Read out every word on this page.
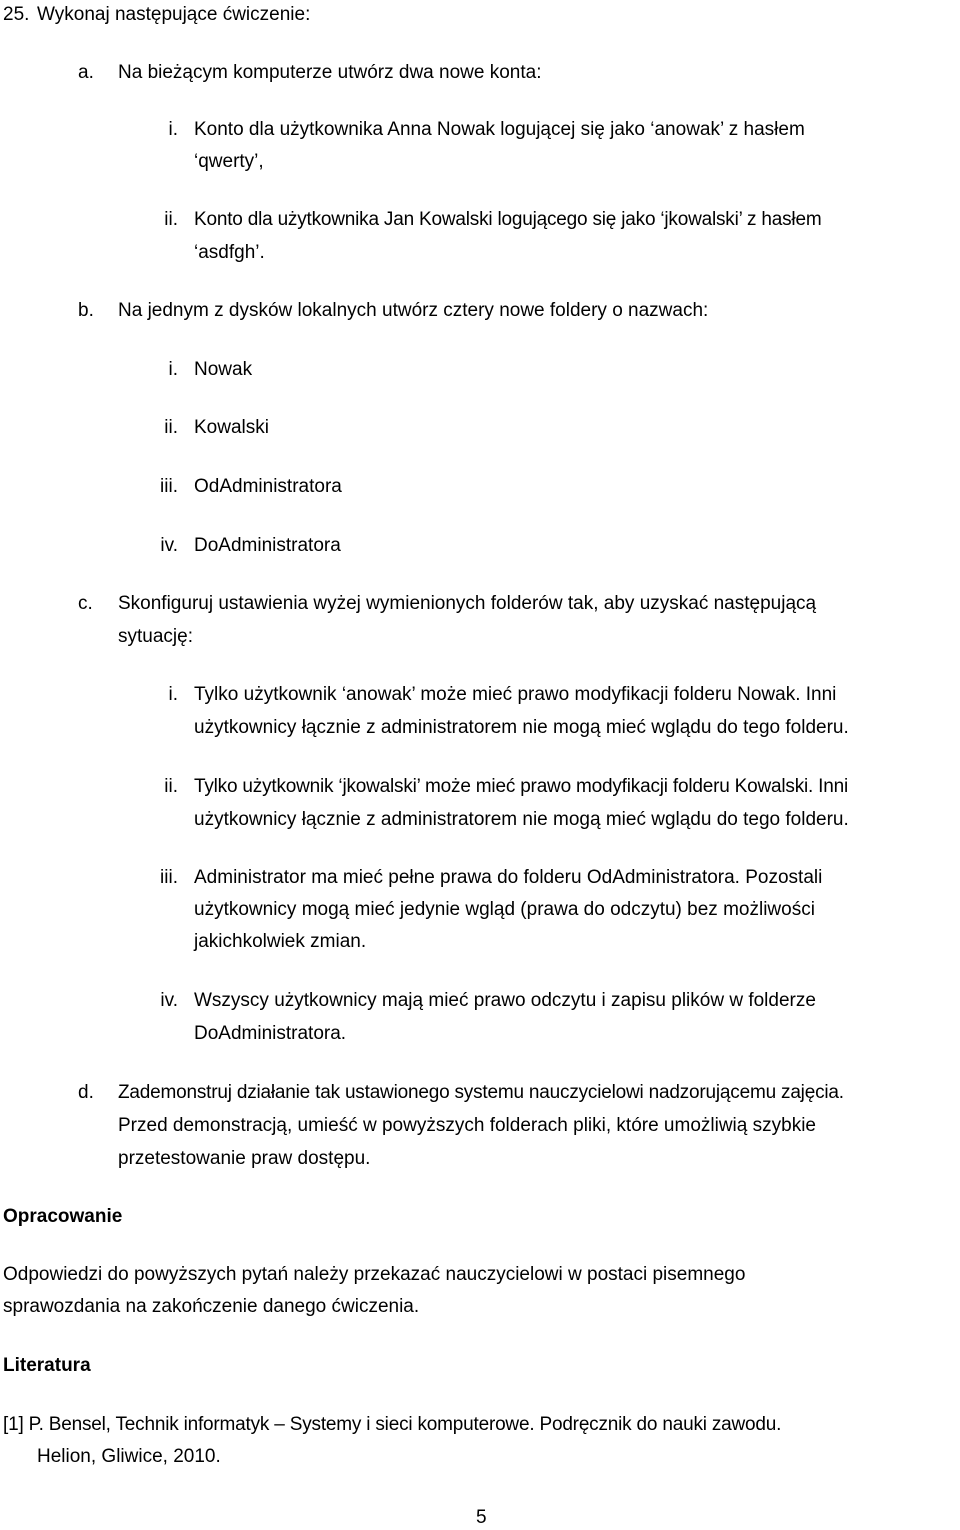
25. Wykonaj następujące ćwiczenie:
a. Na bieżącym komputerze utwórz dwa nowe konta:
i. Konto dla użytkownika Anna Nowak logującej się jako ‘anowak’ z hasłem
‘qwerty’,
ii. Konto dla użytkownika Jan Kowalski logującego się jako ‘jkowalski’ z hasłem
‘asdfgh’.
b. Na jednym z dysków lokalnych utwórz cztery nowe foldery o nazwach:
i. Nowak
ii. Kowalski
iii. OdAdministratora
iv. DoAdministratora
c. Skonfiguruj ustawienia wyżej wymienionych folderów tak, aby uzyskać następującą
sytuację:
i. Tylko użytkownik ‘anowak’ może mieć prawo modyfikacji folderu Nowak. Inni
użytkownicy łącznie z administratorem nie mogą mieć wglądu do tego folderu.
ii. Tylko użytkownik ‘jkowalski’ może mieć prawo modyfikacji folderu Kowalski. Inni
użytkownicy łącznie z administratorem nie mogą mieć wglądu do tego folderu.
iii. Administrator ma mieć pełne prawa do folderu OdAdministratora. Pozostali
użytkownicy mogą mieć jedynie wgląd (prawa do odczytu) bez możliwości
jakichkolwiek zmian.
iv. Wszyscy użytkownicy mają mieć prawo odczytu i zapisu plików w folderze
DoAdministratora.
d. Zademonstruj działanie tak ustawionego systemu nauczycielowi nadzorującemu zajęcia.
Przed demonstracją, umieść w powyższych folderach pliki, które umożliwią szybkie
przetestowanie praw dostępu.
Opracowanie
Odpowiedzi do powyższych pytań należy przekazać nauczycielowi w postaci pisemnego
sprawozdania na zakończenie danego ćwiczenia.
Literatura
[1] P. Bensel, Technik informatyk – Systemy i sieci komputerowe. Podręcznik do nauki zawodu.
Helion, Gliwice, 2010.
5
